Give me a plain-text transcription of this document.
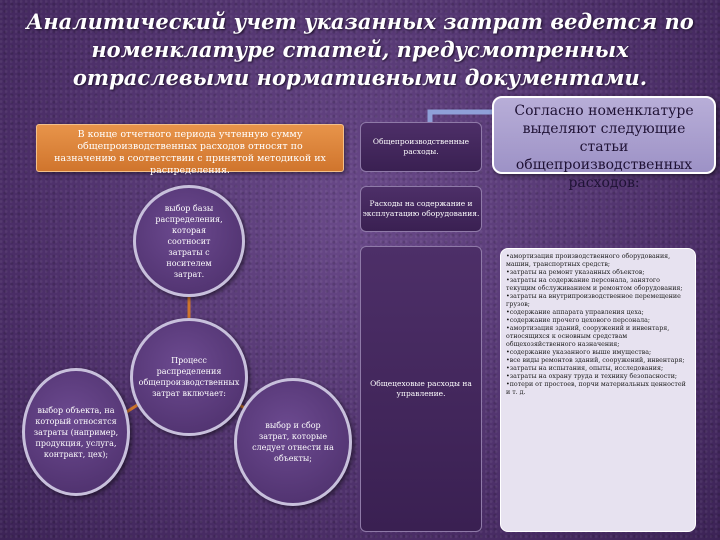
Аналитический учет указанных затрат ведется по номенклатуре статей, предусмотренных отраслевыми нормативными документами.
В конце отчетного периода учтенную сумму общепроизводственных расходов относят по назначению в соответствии с принятой методикой их распределения.
Согласно номенклатуре выделяют следующие статьи общепроизводственных расходов:
Общепроизводственные расходы.
Расходы на содержание и эксплуатацию оборудования.
Общецеховые расходы на управление.

•амортизация производственного оборудования, машин, транспортных средств;

•затраты на ремонт указанных объектов;

•затраты на содержание персонала, занятого текущим обслуживанием и ремонтом оборудования;

•затраты на внутрипроизводственное перемещение грузов;

•содержание аппарата управления цеха;

•содержание прочего цехового персонала;

•амортизация зданий, сооружений и инвентаря, относящихся к основным средствам общехозяйственного назначения;

•содержание указанного выше имущества;

•все виды ремонтов зданий, сооружений, инвентаря;

•затраты на испытания, опыты, исследования;

•затраты на охрану труда и технику безопасности;

•потери от простоев, порчи материальных ценностей и т. д.

выбор базы распределения, которая соотносит затраты с носителем затрат.
Процесс распределения общепроизводственных затрат включает:
выбор объекта, на который относятся затраты (например, продукция, услуга, контракт, цех);
выбор и сбор затрат, которые следует отнести на объекты;
